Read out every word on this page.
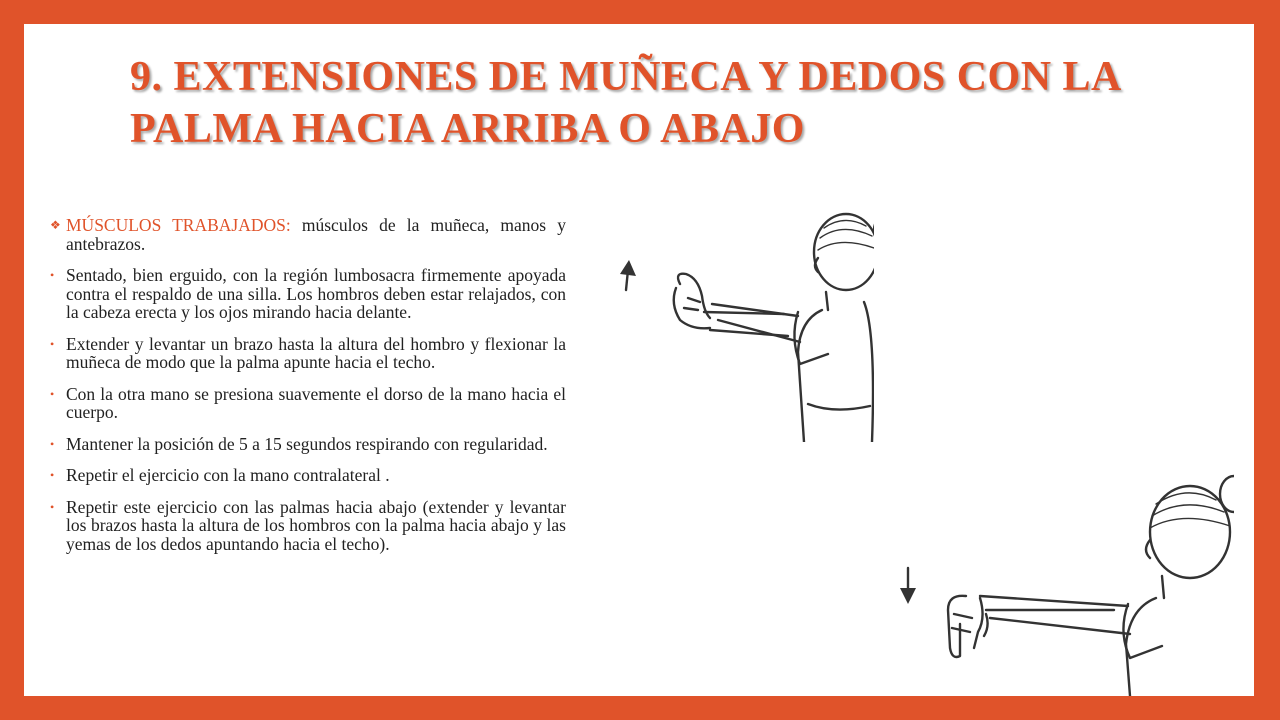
9. EXTENSIONES DE MUÑECA Y DEDOS CON LA PALMA HACIA ARRIBA O ABAJO
❖ MÚSCULOS TRABAJADOS: músculos de la muñeca, manos y antebrazos.
• Sentado, bien erguido, con la región lumbosacra firmemente apoyada contra el respaldo de una silla. Los hombros deben estar relajados, con la cabeza erecta y los ojos mirando hacia delante.
• Extender y levantar un brazo hasta la altura del hombro y flexionar la muñeca de modo que la palma apunte hacia el techo.
• Con la otra mano se presiona suavemente el dorso de la mano hacia el cuerpo.
• Mantener la posición de 5 a 15 segundos respirando con regularidad.
• Repetir el ejercicio con la mano contralateral .
• Repetir este ejercicio con las palmas hacia abajo (extender y levantar los brazos hasta la altura de los hombros con la palma hacia abajo y las yemas de los dedos apuntando hacia el techo).
